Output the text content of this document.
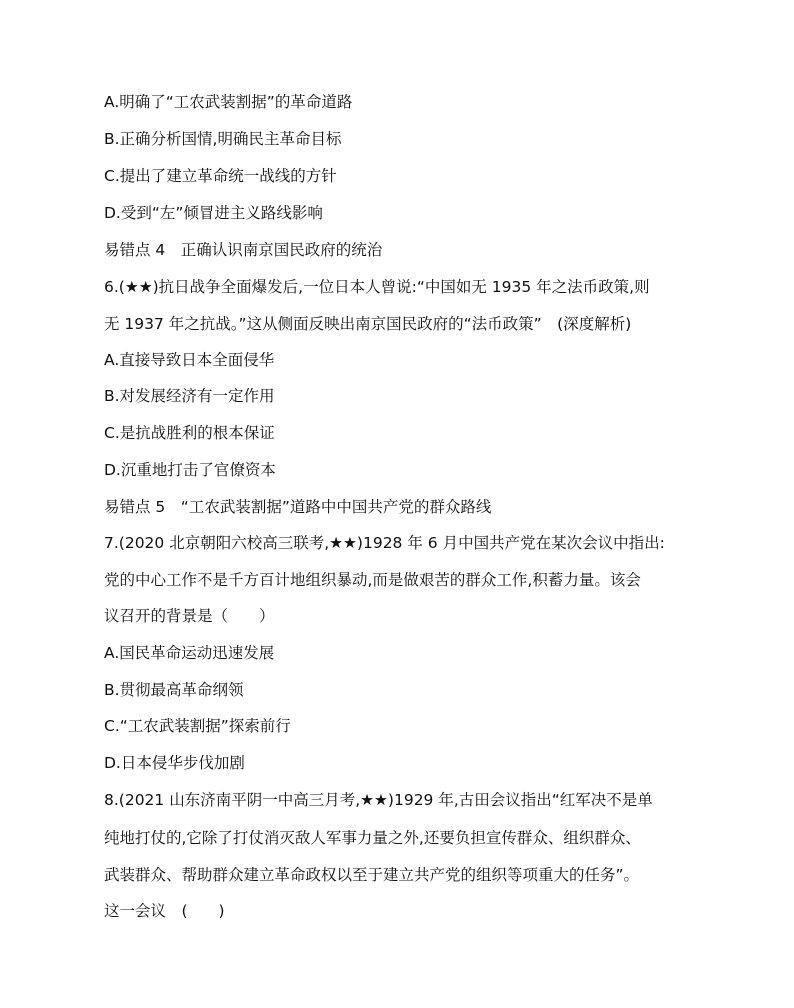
A.明确了“工农武装割据”的革命道路
B.正确分析国情,明确民主革命目标
C.提出了建立革命统一战线的方针
D.受到“左”倾冒进主义路线影响
易错点 4　正确认识南京国民政府的统治
6.(★★)抗日战争全面爆发后,一位日本人曾说:“中国如无 1935 年之法币政策,则
无 1937 年之抗战。”这从侧面反映出南京国民政府的“法币政策”　(深度解析)
A.直接导致日本全面侵华
B.对发展经济有一定作用
C.是抗战胜利的根本保证
D.沉重地打击了官僚资本
易错点 5　“工农武装割据”道路中中国共产党的群众路线
7.(2020 北京朝阳六校高三联考,★★)1928 年 6 月中国共产党在某次会议中指出:
党的中心工作不是千方百计地组织暴动,而是做艰苦的群众工作,积蓄力量。该会
议召开的背景是（　　）
A.国民革命运动迅速发展
B.贯彻最高革命纲领
C.“工农武装割据”探索前行
D.日本侵华步伐加剧
8.(2021 山东济南平阴一中高三月考,★★)1929 年,古田会议指出“红军决不是单
纯地打仗的,它除了打仗消灭敌人军事力量之外,还要负担宣传群众、组织群众、
武装群众、帮助群众建立革命政权以至于建立共产党的组织等项重大的任务”。
这一会议　(　　)
